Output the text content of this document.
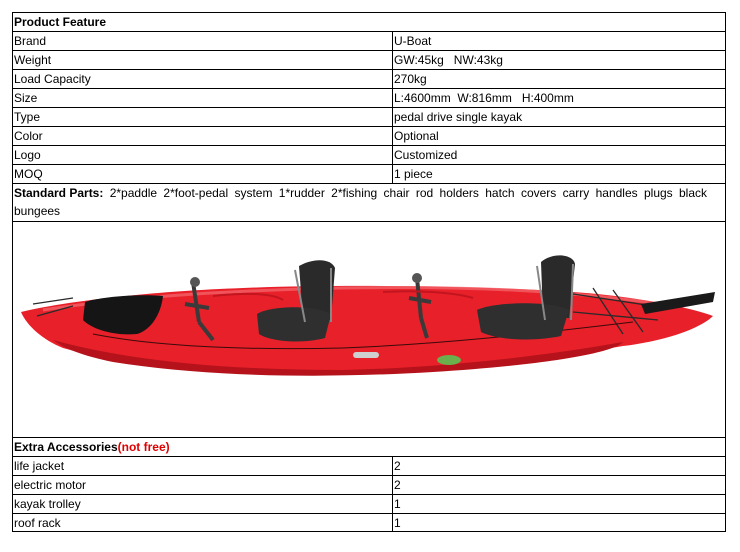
Product Feature
Brand	U-Boat
Weight	GW:45kg   NW:43kg
Load Capacity	270kg
Size	L:4600mm  W:816mm   H:400mm
Type	pedal drive single kayak
Color	Optional
Logo	Customized
MOQ	1 piece
Standard Parts: 2*paddle 2*foot-pedal system 1*rudder 2*fishing chair rod holders hatch covers carry handles plugs black bungees
Extra Accessories(not free)
life jacket	2
electric motor	2
kayak trolley	1
roof rack	1
